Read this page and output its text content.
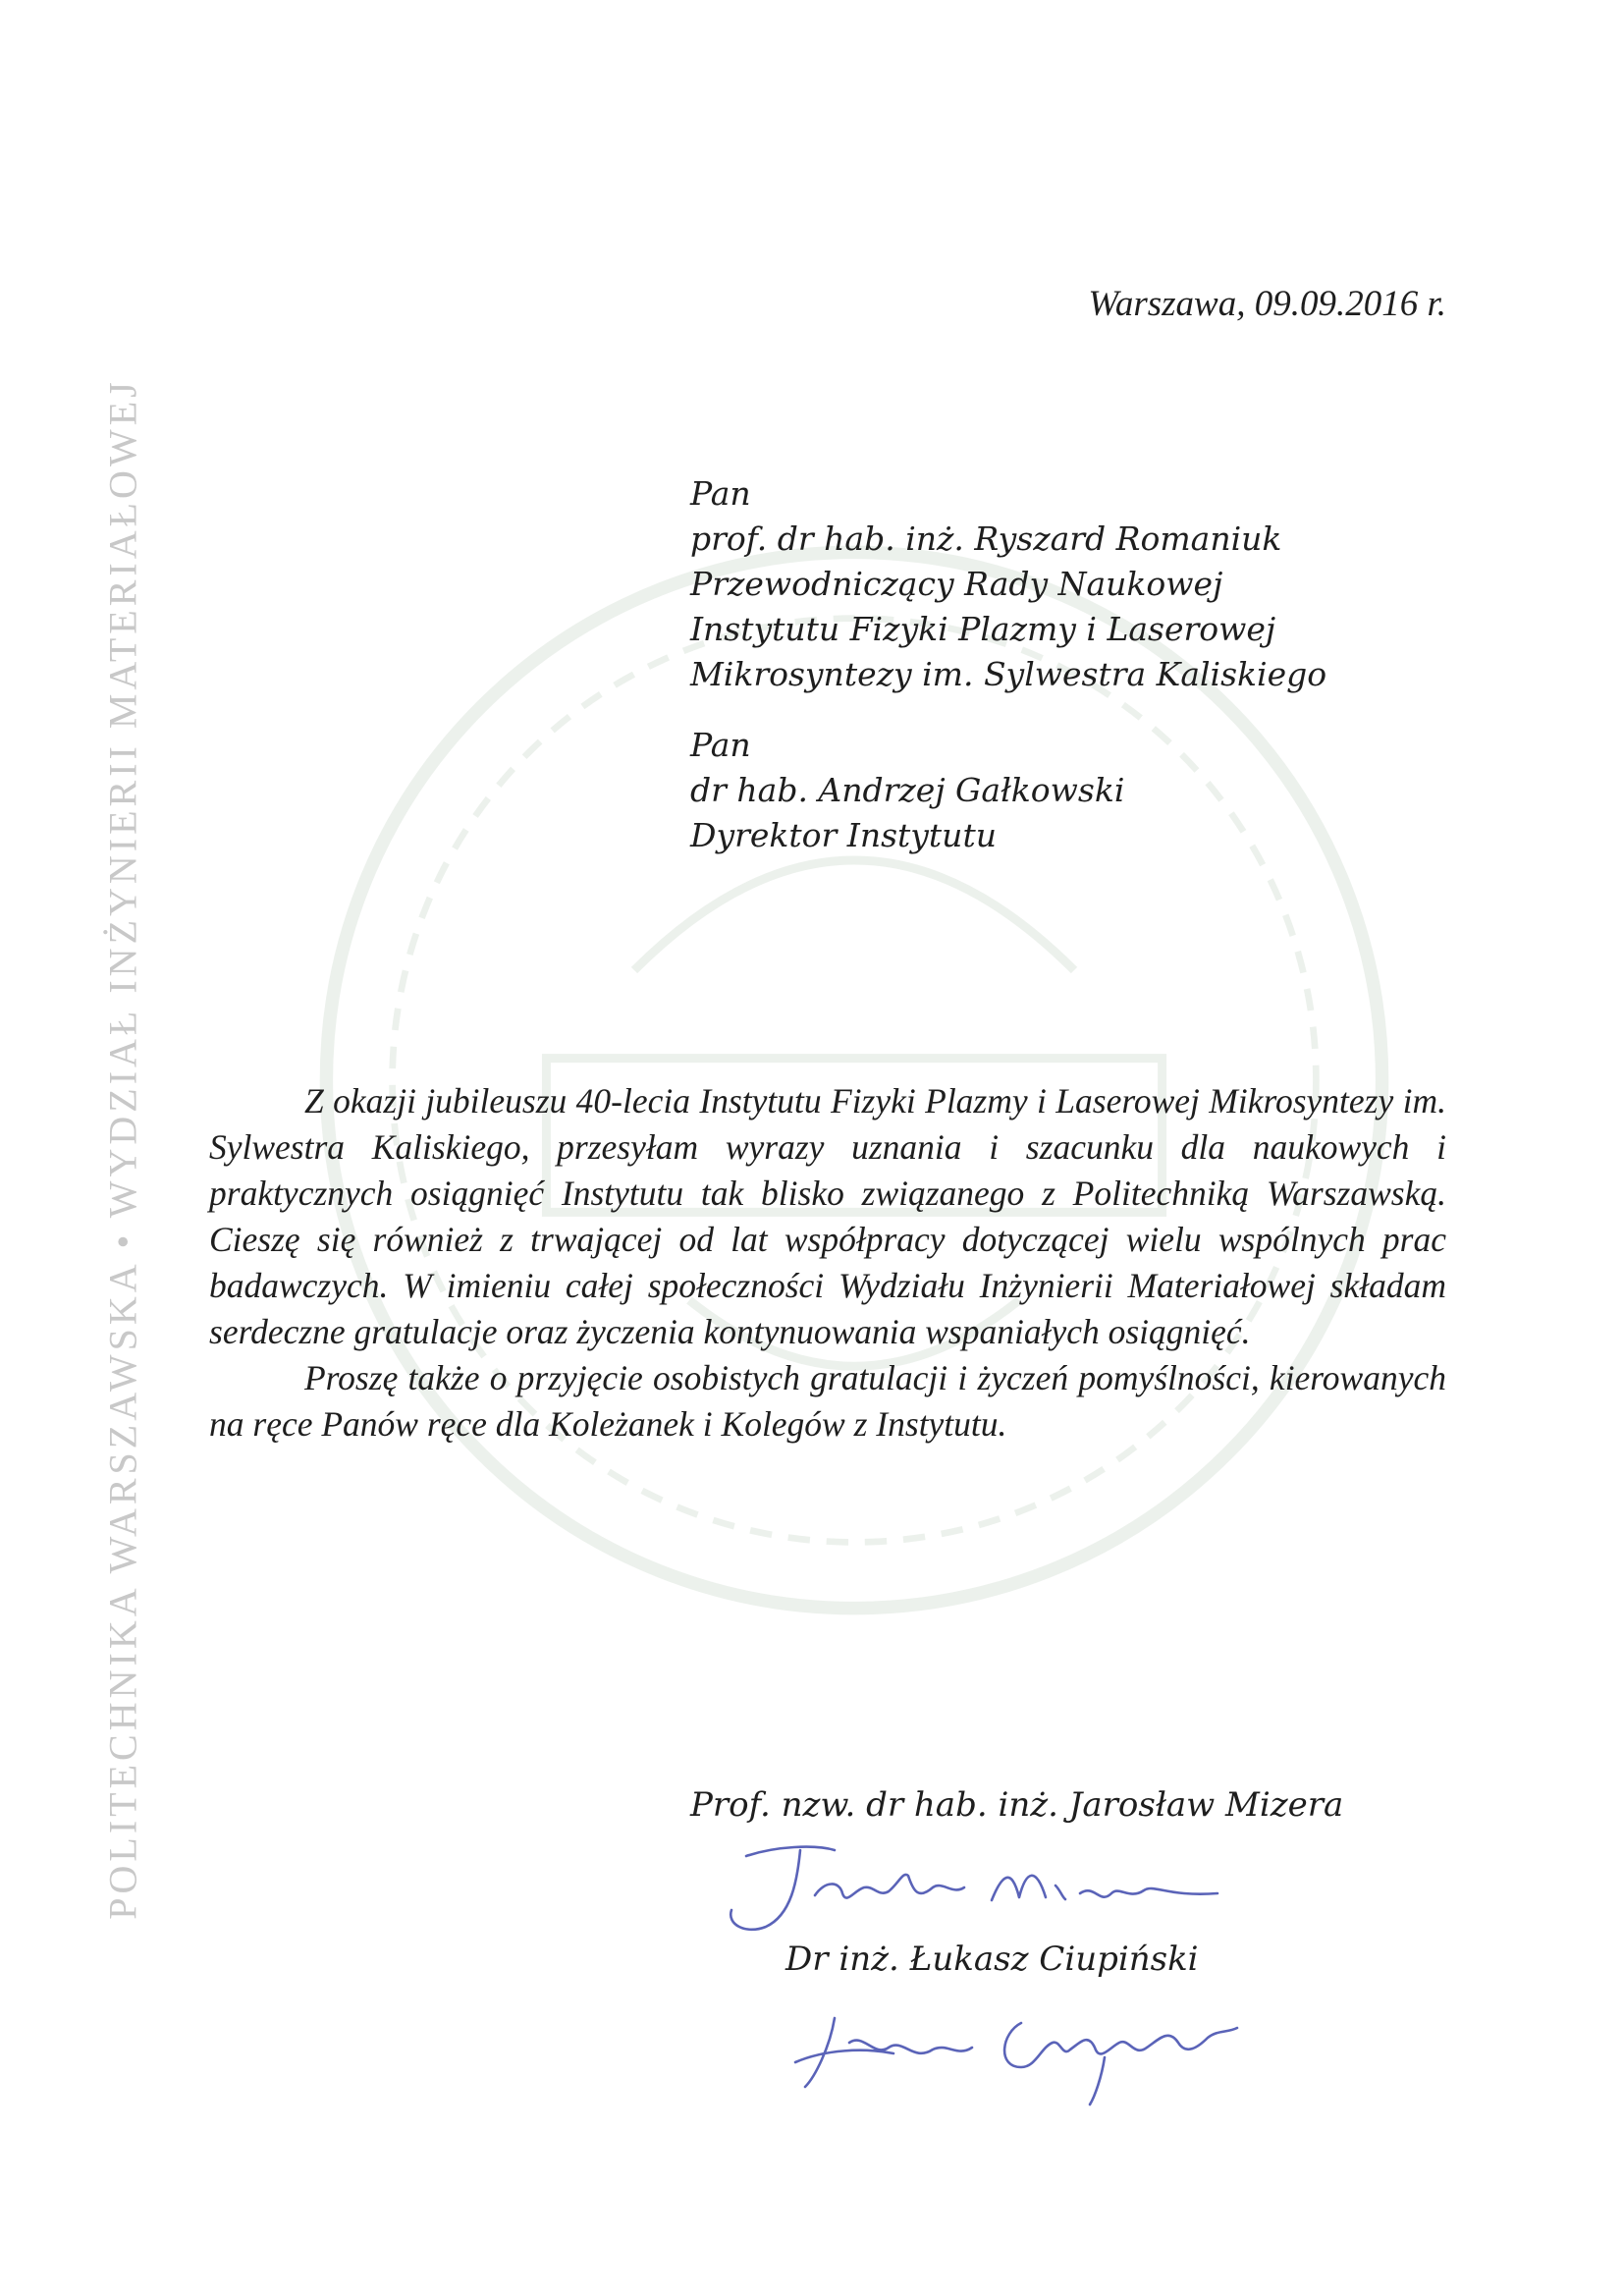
POLITECHNIKA WARSZAWSKA • WYDZIAŁ INŻYNIERII MATERIAŁOWEJ
Warszawa, 09.09.2016 r.
Pan
prof. dr hab. inż. Ryszard Romaniuk
Przewodniczący Rady Naukowej
Instytutu Fizyki Plazmy i Laserowej
Mikrosyntezy im. Sylwestra Kaliskiego
Pan
dr hab. Andrzej Gałkowski
Dyrektor Instytutu

Z okazji jubileuszu 40-lecia Instytutu Fizyki Plazmy i Laserowej Mikrosyntezy im. Sylwestra Kaliskiego, przesyłam wyrazy uznania i szacunku dla naukowych i praktycznych osiągnięć Instytutu tak blisko związanego z Politechniką Warszawską. Cieszę się również z trwającej od lat współpracy dotyczącej wielu wspólnych prac badawczych. W imieniu całej społeczności Wydziału Inżynierii Materiałowej składam serdeczne gratulacje oraz życzenia kontynuowania wspaniałych osiągnięć.

Proszę także o przyjęcie osobistych gratulacji i życzeń pomyślności, kierowanych na ręce Panów ręce dla Koleżanek i Kolegów z Instytutu.

Prof. nzw. dr hab. inż. Jarosław Mizera
Dr inż. Łukasz Ciupiński
